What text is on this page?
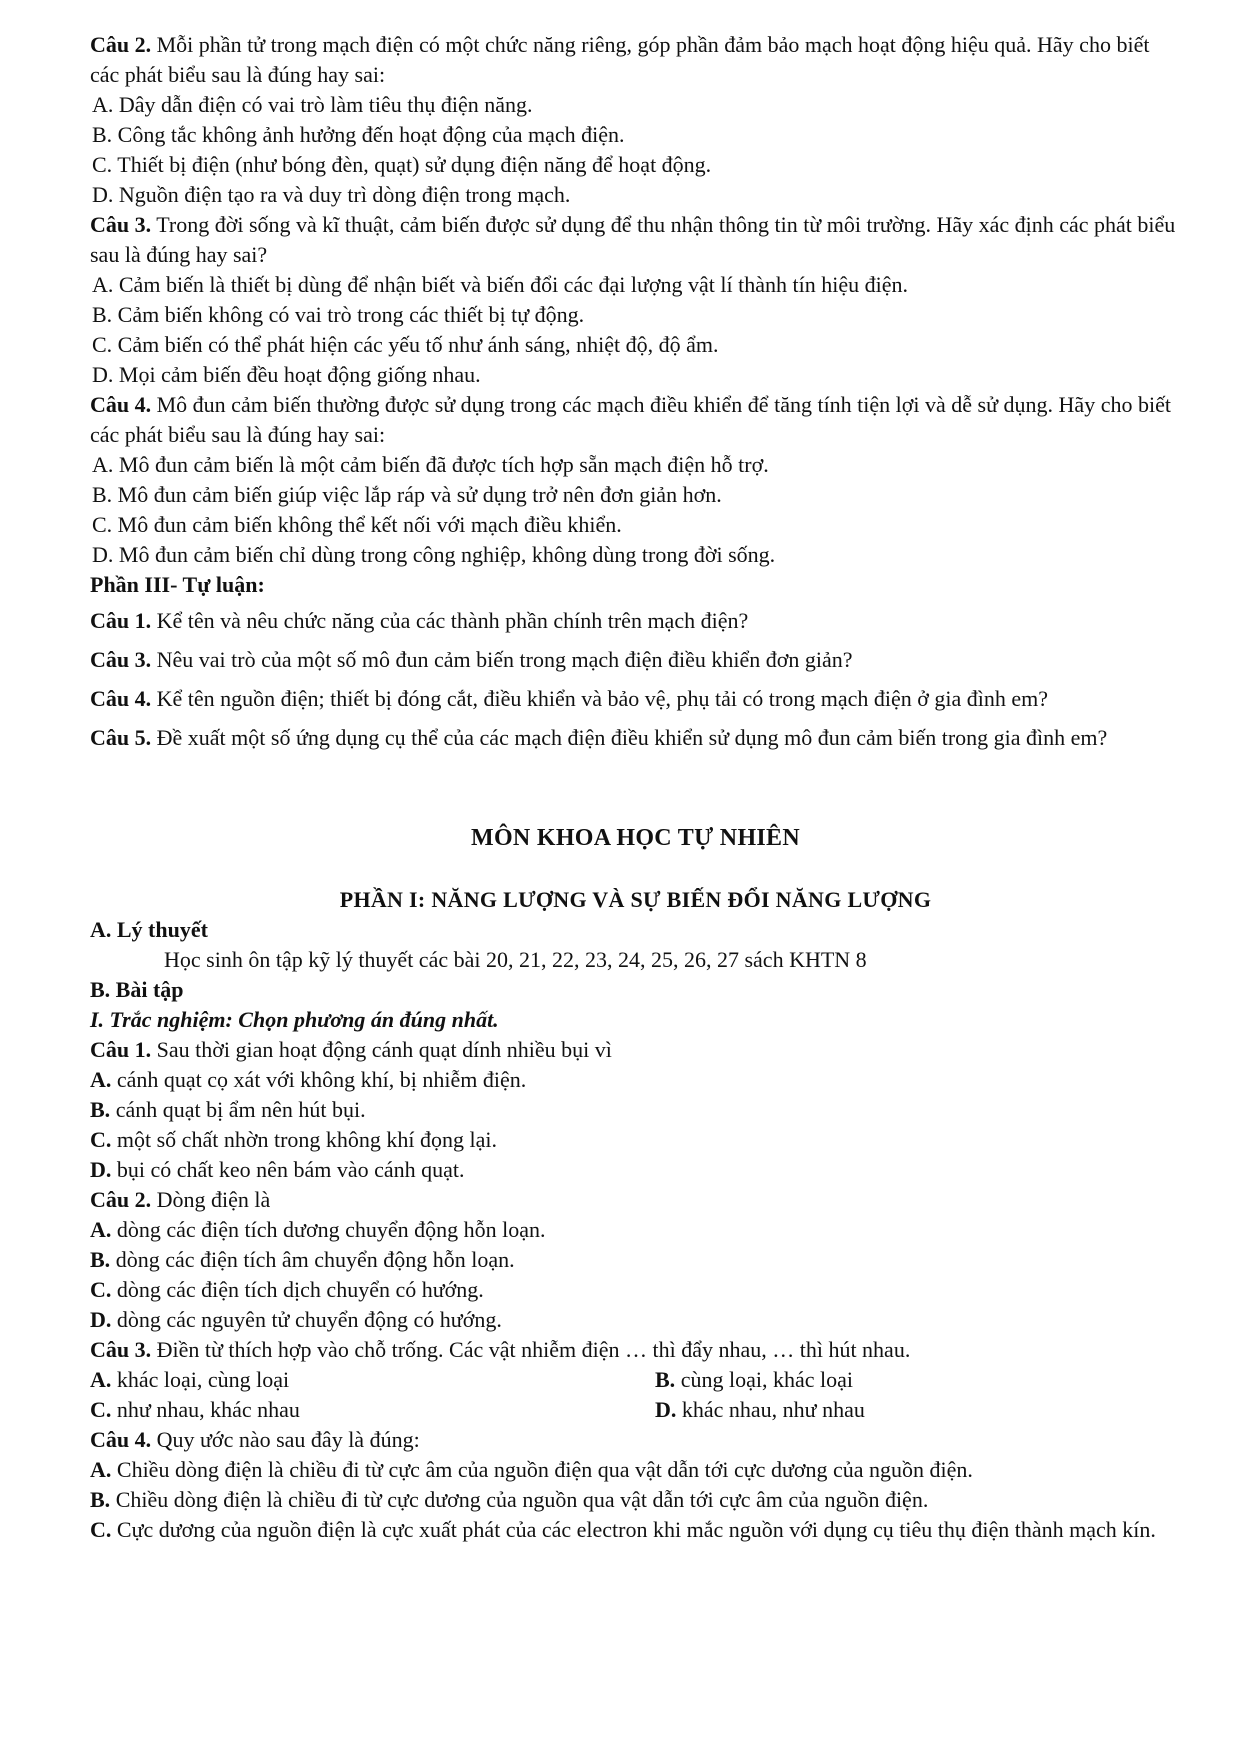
Câu 2. Mỗi phần tử trong mạch điện có một chức năng riêng, góp phần đảm bảo mạch hoạt động hiệu quả. Hãy cho biết các phát biểu sau là đúng hay sai:
A. Dây dẫn điện có vai trò làm tiêu thụ điện năng.
B. Công tắc không ảnh hưởng đến hoạt động của mạch điện.
C. Thiết bị điện (như bóng đèn, quạt) sử dụng điện năng để hoạt động.
D. Nguồn điện tạo ra và duy trì dòng điện trong mạch.
Câu 3. Trong đời sống và kĩ thuật, cảm biến được sử dụng để thu nhận thông tin từ môi trường. Hãy xác định các phát biểu sau là đúng hay sai?
A. Cảm biến là thiết bị dùng để nhận biết và biến đổi các đại lượng vật lí thành tín hiệu điện.
B. Cảm biến không có vai trò trong các thiết bị tự động.
C. Cảm biến có thể phát hiện các yếu tố như ánh sáng, nhiệt độ, độ ẩm.
D. Mọi cảm biến đều hoạt động giống nhau.
Câu 4. Mô đun cảm biến thường được sử dụng trong các mạch điều khiển để tăng tính tiện lợi và dễ sử dụng. Hãy cho biết các phát biểu sau là đúng hay sai:
A. Mô đun cảm biến là một cảm biến đã được tích hợp sẵn mạch điện hỗ trợ.
B. Mô đun cảm biến giúp việc lắp ráp và sử dụng trở nên đơn giản hơn.
C. Mô đun cảm biến không thể kết nối với mạch điều khiển.
D. Mô đun cảm biến chỉ dùng trong công nghiệp, không dùng trong đời sống.
Phần III- Tự luận:
Câu 1. Kể tên và nêu chức năng của các thành phần chính trên mạch điện?
Câu 3. Nêu vai trò của một số mô đun cảm biến trong mạch điện điều khiển đơn giản?
Câu 4. Kể tên nguồn điện; thiết bị đóng cắt, điều khiển và bảo vệ, phụ tải có trong mạch điện ở gia đình em?
Câu 5. Đề xuất một số ứng dụng cụ thể của các mạch điện điều khiển sử dụng mô đun cảm biến trong gia đình em?
MÔN KHOA HỌC TỰ NHIÊN
PHẦN I: NĂNG LƯỢNG VÀ SỰ BIẾN ĐỔI NĂNG LƯỢNG
A. Lý thuyết
Học sinh ôn tập kỹ lý thuyết các bài 20, 21, 22, 23, 24, 25, 26, 27 sách KHTN 8
B. Bài tập
I. Trắc nghiệm: Chọn phương án đúng nhất.
Câu 1. Sau thời gian hoạt động cánh quạt dính nhiều bụi vì
A. cánh quạt cọ xát với không khí, bị nhiễm điện.
B. cánh quạt bị ẩm nên hút bụi.
C. một số chất nhờn trong không khí đọng lại.
D. bụi có chất keo nên bám vào cánh quạt.
Câu 2. Dòng điện là
A. dòng các điện tích dương chuyển động hỗn loạn.
B. dòng các điện tích âm chuyển động hỗn loạn.
C. dòng các điện tích dịch chuyển có hướng.
D. dòng các nguyên tử chuyển động có hướng.
Câu 3. Điền từ thích hợp vào chỗ trống. Các vật nhiễm điện … thì đẩy nhau, … thì hút nhau.
A. khác loại, cùng loại	B. cùng loại, khác loại
C. như nhau, khác nhau	D. khác nhau, như nhau
Câu 4. Quy ước nào sau đây là đúng:
A. Chiều dòng điện là chiều đi từ cực âm của nguồn điện qua vật dẫn tới cực dương của nguồn điện.
B. Chiều dòng điện là chiều đi từ cực dương của nguồn qua vật dẫn tới cực âm của nguồn điện.
C. Cực dương của nguồn điện là cực xuất phát của các electron khi mắc nguồn với dụng cụ tiêu thụ điện thành mạch kín.
